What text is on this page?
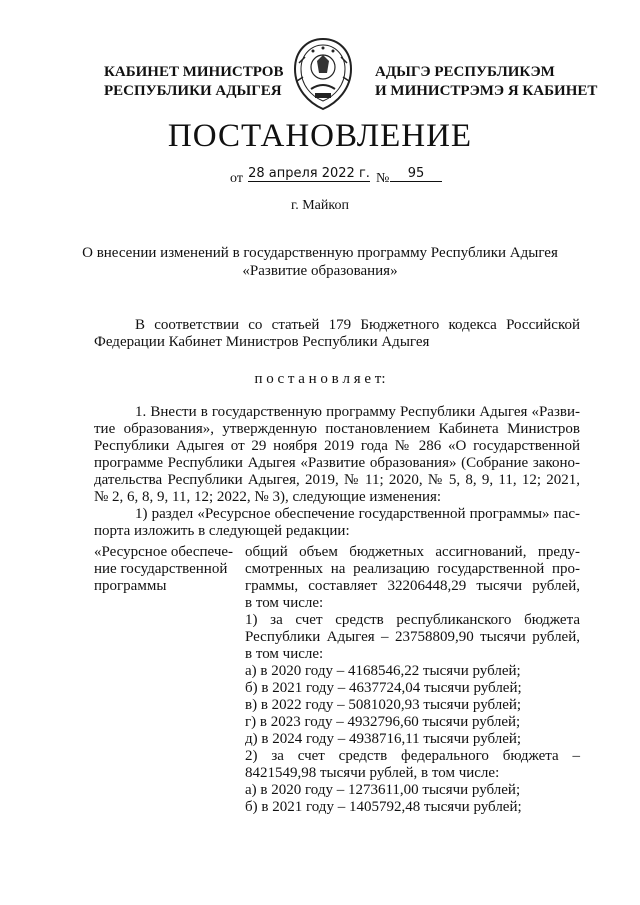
КАБИНЕТ МИНИСТРОВ
РЕСПУБЛИКИ АДЫГЕЯ
АДЫГЭ РЕСПУБЛИКЭМ
И МИНИСТРЭМЭ Я КАБИНЕТ
ПОСТАНОВЛЕНИЕ
от 28 апреля 2022 г. №	95
г. Майкоп
О внесении изменений в государственную программу Республики Адыгея
«Развитие образования»
В соответствии со статьей 179 Бюджетного кодекса Российской
Федерации Кабинет Министров Республики Адыгея
п о с т а н о в л я е т:
1. Внести в государственную программу Республики Адыгея «Разви-
тие образования», утвержденную постановлением Кабинета Министров
Республики Адыгея от 29 ноября 2019 года № 286 «О государственной
программе Республики Адыгея «Развитие образования» (Собрание законо-
дательства Республики Адыгея, 2019, № 11; 2020, № 5, 8, 9, 11, 12; 2021,
№ 2, 6, 8, 9, 11, 12; 2022, № 3), следующие изменения:
1) раздел «Ресурсное обеспечение государственной программы» пас-
порта изложить в следующей редакции:
«Ресурсное обеспече-
ние государственной
программы
общий объем бюджетных ассигнований, преду-
смотренных на реализацию государственной про-
граммы, составляет 32206448,29 тысячи рублей,
в том числе:
1) за счет средств республиканского бюджета
Республики Адыгея – 23758809,90 тысячи рублей,
в том числе:
а) в 2020 году – 4168546,22 тысячи рублей;
б) в 2021 году – 4637724,04 тысячи рублей;
в) в 2022 году – 5081020,93 тысячи рублей;
г) в 2023 году – 4932796,60 тысячи рублей;
д) в 2024 году – 4938716,11 тысячи рублей;
2) за счет средств федерального бюджета –
8421549,98 тысячи рублей, в том числе:
а) в 2020 году – 1273611,00 тысячи рублей;
б) в 2021 году – 1405792,48 тысячи рублей;
